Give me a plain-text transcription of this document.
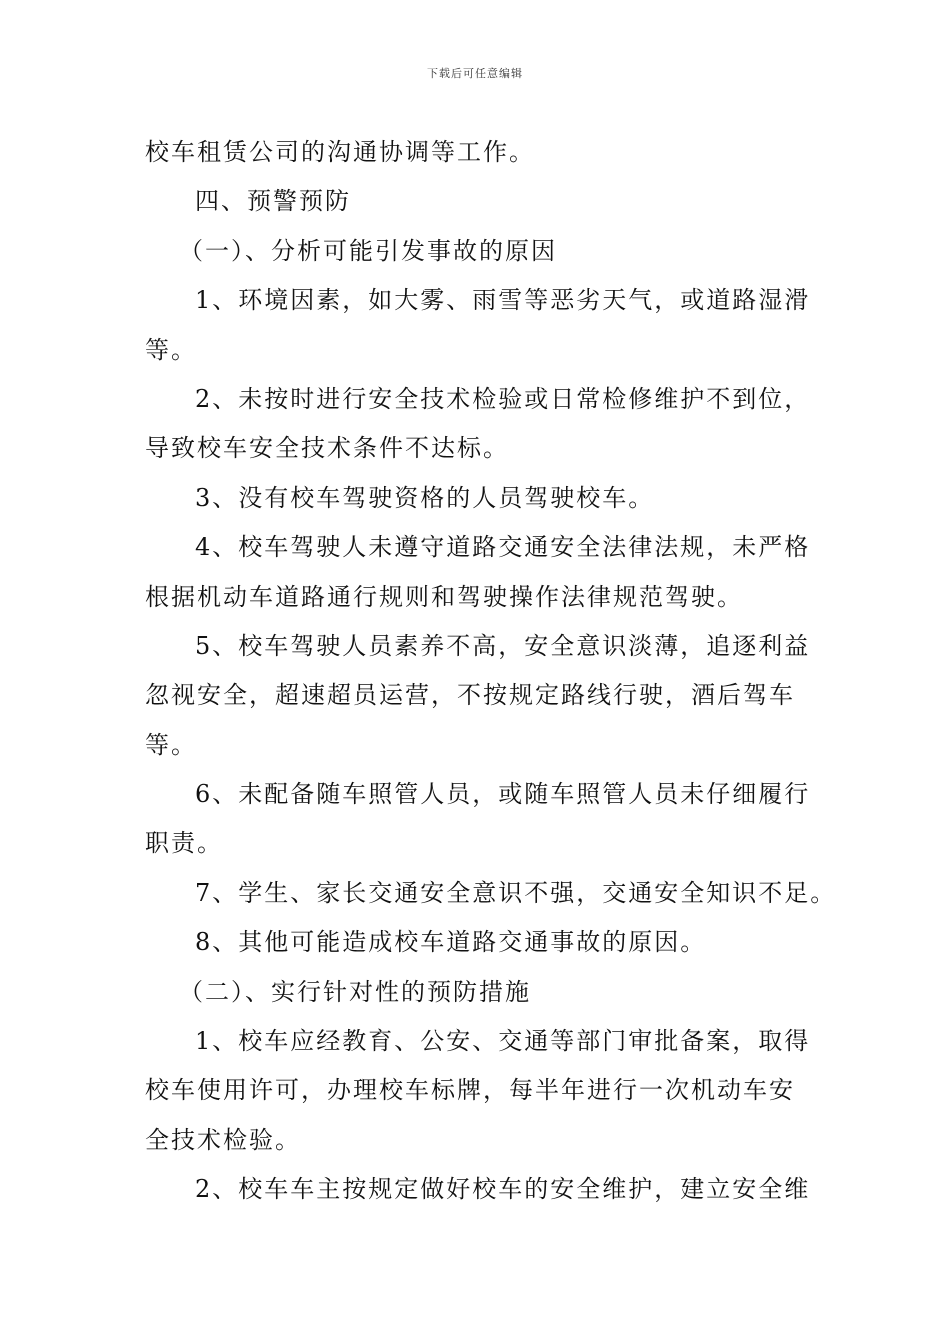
下载后可任意编辑
校车租赁公司的沟通协调等工作。
四、预警预防
（一）、分析可能引发事故的原因
1、环境因素，如大雾、雨雪等恶劣天气，或道路湿滑
等。
2、未按时进行安全技术检验或日常检修维护不到位，
导致校车安全技术条件不达标。
3、没有校车驾驶资格的人员驾驶校车。
4、校车驾驶人未遵守道路交通安全法律法规，未严格
根据机动车道路通行规则和驾驶操作法律规范驾驶。
5、校车驾驶人员素养不高，安全意识淡薄，追逐利益
忽视安全，超速超员运营，不按规定路线行驶，酒后驾车
等。
6、未配备随车照管人员，或随车照管人员未仔细履行
职责。
7、学生、家长交通安全意识不强，交通安全知识不足。
8、其他可能造成校车道路交通事故的原因。
（二）、实行针对性的预防措施
1、校车应经教育、公安、交通等部门审批备案，取得
校车使用许可，办理校车标牌，每半年进行一次机动车安
全技术检验。
2、校车车主按规定做好校车的安全维护，建立安全维
